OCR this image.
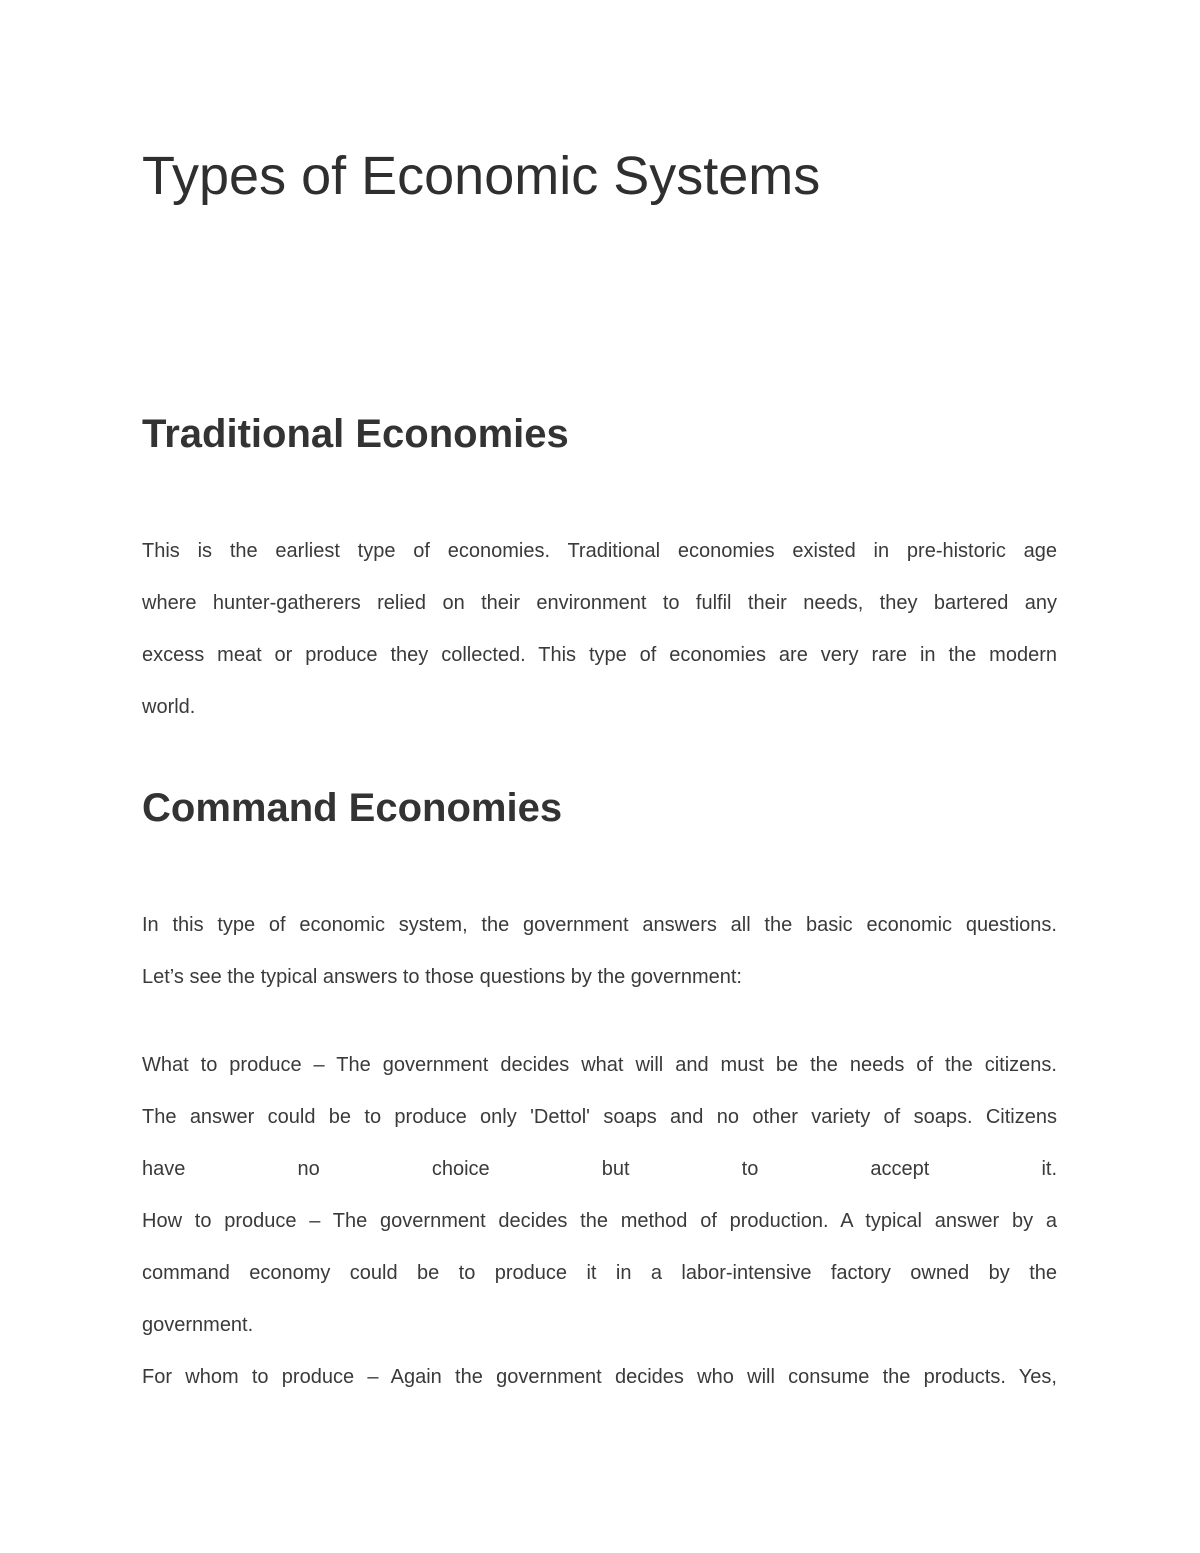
Types of Economic Systems
Traditional Economies

This is the earliest type of economies. Traditional economies existed in pre-historic age
where hunter-gatherers relied on their environment to fulfil their needs, they bartered any
excess meat or produce they collected. This type of economies are very rare in the modern
world.

Command Economies

In this type of economic system, the government answers all the basic economic questions.
Let’s see the typical answers to those questions by the government:

What to produce – The government decides what will and must be the needs of the citizens.
The answer could be to produce only 'Dettol' soaps and no other variety of soaps. Citizens
have no choice but to accept it.
How to produce – The government decides the method of production. A typical answer by a
command economy could be to produce it in a labor-intensive factory owned by the
government.
For whom to produce – Again the government decides who will consume the products. Yes,
